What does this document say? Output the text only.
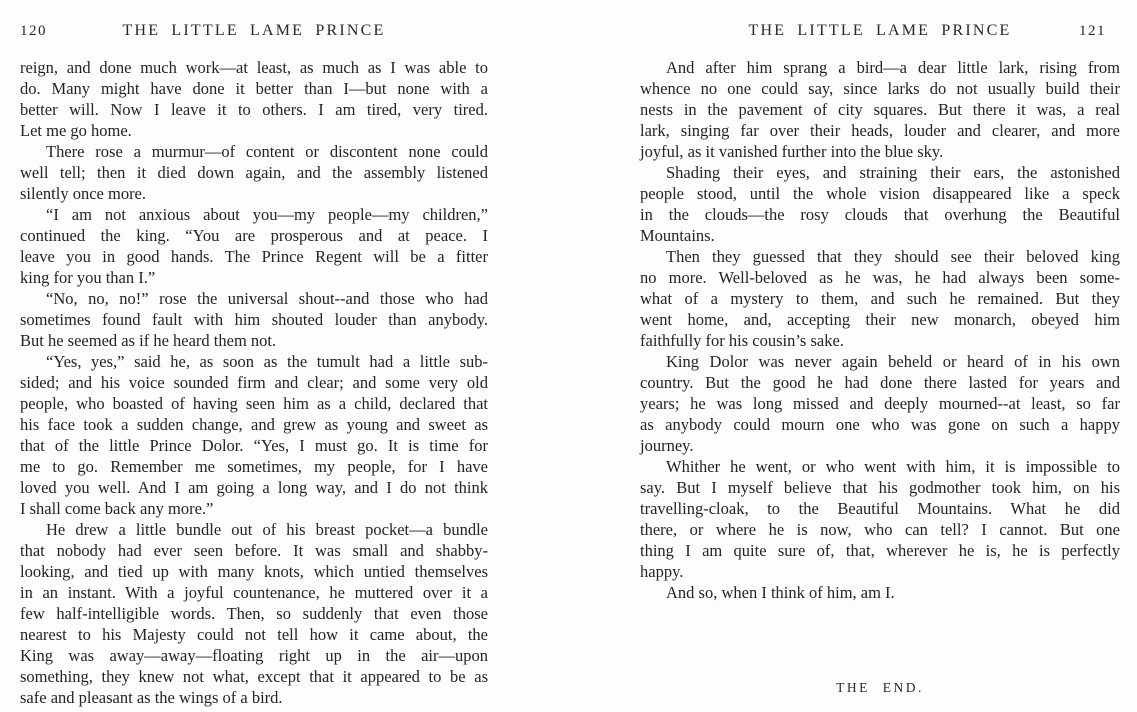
120	THE LITTLE LAME PRINCE
reign, and done much work—at least, as much as I was able to
do. Many might have done it better than I—but none with a
better will. Now I leave it to others. I am tired, very tired.
Let me go home.
There rose a murmur—of content or discontent none could
well tell; then it died down again, and the assembly listened
silently once more.
“I am not anxious about you—my people—my children,”
continued the king. “You are prosperous and at peace. I
leave you in good hands. The Prince Regent will be a fitter
king for you than I.”
“No, no, no!” rose the universal shout--and those who had
sometimes found fault with him shouted louder than anybody.
But he seemed as if he heard them not.
“Yes, yes,” said he, as soon as the tumult had a little sub-
sided; and his voice sounded firm and clear; and some very old
people, who boasted of having seen him as a child, declared that
his face took a sudden change, and grew as young and sweet as
that of the little Prince Dolor. “Yes, I must go. It is time for
me to go. Remember me sometimes, my people, for I have
loved you well. And I am going a long way, and I do not think
I shall come back any more.”
He drew a little bundle out of his breast pocket—a bundle
that nobody had ever seen before. It was small and shabby-
looking, and tied up with many knots, which untied themselves
in an instant. With a joyful countenance, he muttered over it a
few half-intelligible words. Then, so suddenly that even those
nearest to his Majesty could not tell how it came about, the
King was away—away—floating right up in the air—upon
something, they knew not what, except that it appeared to be as
safe and pleasant as the wings of a bird.
THE LITTLE LAME PRINCE	121
And after him sprang a bird—a dear little lark, rising from
whence no one could say, since larks do not usually build their
nests in the pavement of city squares. But there it was, a real
lark, singing far over their heads, louder and clearer, and more
joyful, as it vanished further into the blue sky.
Shading their eyes, and straining their ears, the astonished
people stood, until the whole vision disappeared like a speck
in the clouds—the rosy clouds that overhung the Beautiful
Mountains.
Then they guessed that they should see their beloved king
no more. Well-beloved as he was, he had always been some-
what of a mystery to them, and such he remained. But they
went home, and, accepting their new monarch, obeyed him
faithfully for his cousin’s sake.
King Dolor was never again beheld or heard of in his own
country. But the good he had done there lasted for years and
years; he was long missed and deeply mourned--at least, so far
as anybody could mourn one who was gone on such a happy
journey.
Whither he went, or who went with him, it is impossible to
say. But I myself believe that his godmother took him, on his
travelling-cloak, to the Beautiful Mountains. What he did
there, or where he is now, who can tell? I cannot. But one
thing I am quite sure of, that, wherever he is, he is perfectly
happy.
And so, when I think of him, am I.
THE END.
